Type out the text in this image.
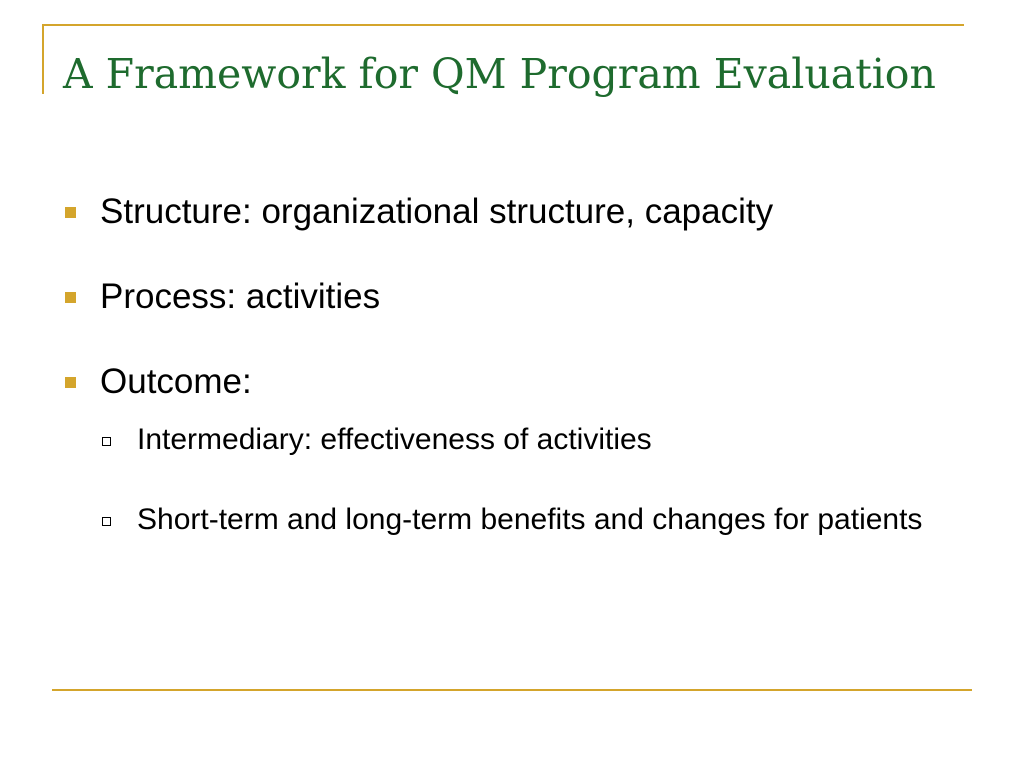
A Framework for QM Program Evaluation
Structure: organizational structure, capacity
Process: activities
Outcome:
Intermediary: effectiveness of activities
Short-term and long-term benefits and changes for patients
